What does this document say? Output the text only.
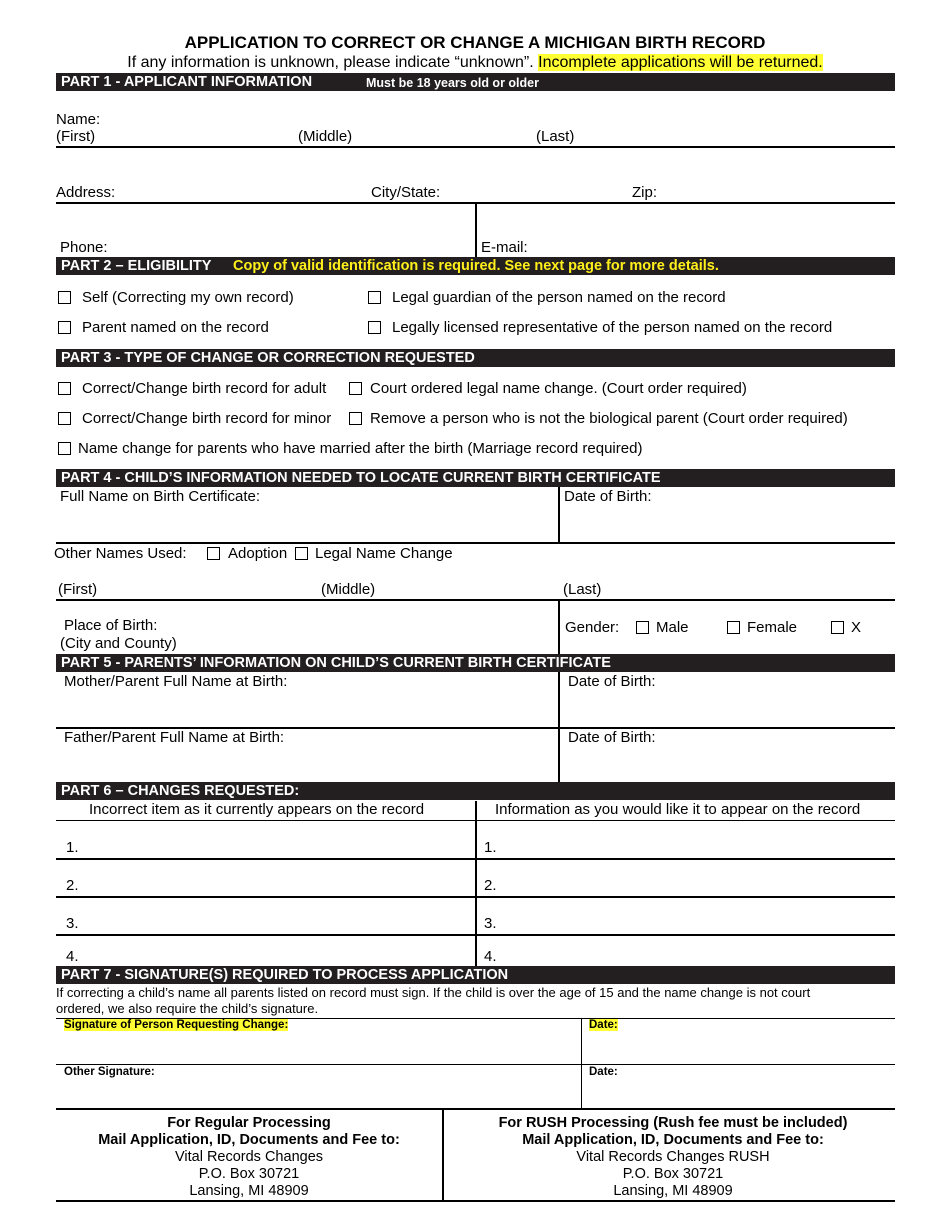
APPLICATION TO CORRECT OR CHANGE A MICHIGAN BIRTH RECORD
If any information is unknown, please indicate “unknown”. Incomplete applications will be returned.
PART 1 - APPLICANT INFORMATION	Must be 18 years old or older
Name:
(First)	(Middle)	(Last)
Address:	City/State:	Zip:
Phone:	E-mail:
PART 2 – ELIGIBILITY Copy of valid identification is required. See next page for more details.
Self (Correcting my own record)	Legal guardian of the person named on the record
Parent named on the record	Legally licensed representative of the person named on the record
PART 3 - TYPE OF CHANGE OR CORRECTION REQUESTED
Correct/Change birth record for adult	Court ordered legal name change. (Court order required)
Correct/Change birth record for minor	Remove a person who is not the biological parent (Court order required)
Name change for parents who have married after the birth (Marriage record required)
PART 4 - CHILD’S INFORMATION NEEDED TO LOCATE CURRENT BIRTH CERTIFICATE
Full Name on Birth Certificate:	Date of Birth:
Other Names Used:	Adoption Legal Name Change
(First)	(Middle)	(Last)
Place of Birth:
(City and County)
Gender: Male	Female	X
PART 5 - PARENTS’ INFORMATION ON CHILD’S CURRENT BIRTH CERTIFICATE
Mother/Parent Full Name at Birth:	Date of Birth:
Father/Parent Full Name at Birth:	Date of Birth:
PART 6 – CHANGES REQUESTED:
Incorrect item as it currently appears on the record	Information as you would like it to appear on the record
1.	1.
2.	2.
3.	3.
4.	4.
PART 7 - SIGNATURE(S) REQUIRED TO PROCESS APPLICATION
If correcting a child’s name all parents listed on record must sign. If the child is over the age of 15 and the name change is not court
ordered, we also require the child’s signature.
Signature of Person Requesting Change:	Date:
Other Signature:	Date:
For Regular Processing
Mail Application, ID, Documents and Fee to:
Vital Records Changes
P.O. Box 30721
Lansing, MI 48909
For RUSH Processing (Rush fee must be included)
Mail Application, ID, Documents and Fee to:
Vital Records Changes RUSH
P.O. Box 30721
Lansing, MI 48909
